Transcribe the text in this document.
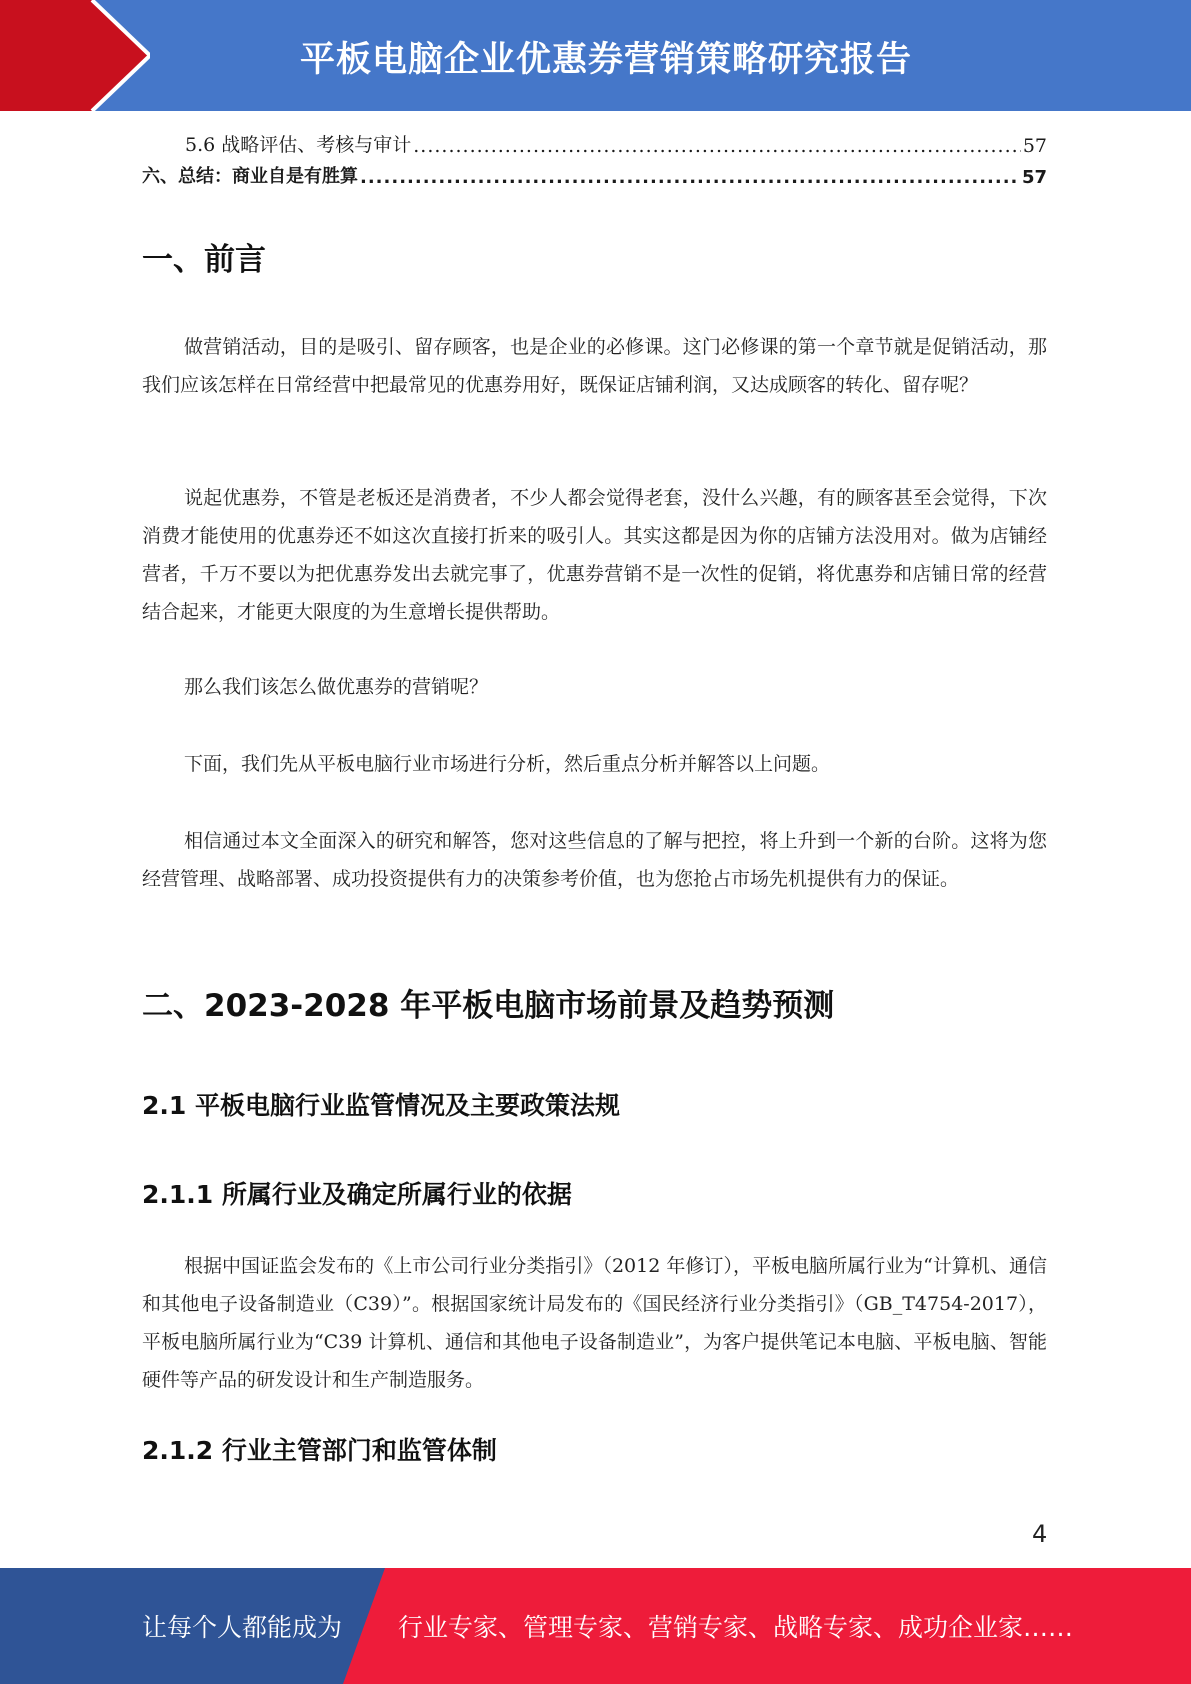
平板电脑企业优惠券营销策略研究报告
5.6 战略评估、考核与审计 .....	57
六、总结：商业自是有胜算 .....	57
一、前言

做营销活动，目的是吸引、留存顾客，也是企业的必修课。这门必修课的第一个章节就是促销活动，那我们应该怎样在日常经营中把最常见的优惠券用好，既保证店铺利润，又达成顾客的转化、留存呢？

说起优惠券，不管是老板还是消费者，不少人都会觉得老套，没什么兴趣，有的顾客甚至会觉得，下次消费才能使用的优惠券还不如这次直接打折来的吸引人。其实这都是因为你的店铺方法没用对。做为店铺经营者，千万不要以为把优惠券发出去就完事了，优惠券营销不是一次性的促销，将优惠券和店铺日常的经营结合起来，才能更大限度的为生意增长提供帮助。

那么我们该怎么做优惠券的营销呢？

下面，我们先从平板电脑行业市场进行分析，然后重点分析并解答以上问题。

相信通过本文全面深入的研究和解答，您对这些信息的了解与把控，将上升到一个新的台阶。这将为您经营管理、战略部署、成功投资提供有力的决策参考价值，也为您抢占市场先机提供有力的保证。

二、2023-2028 年平板电脑市场前景及趋势预测
2.1 平板电脑行业监管情况及主要政策法规
2.1.1 所属行业及确定所属行业的依据

根据中国证监会发布的《上市公司行业分类指引》（2012 年修订），平板电脑所属行业为“计算机、通信和其他电子设备制造业（C39）”。根据国家统计局发布的《国民经济行业分类指引》（GB_T4754-2017），平板电脑所属行业为“C39 计算机、通信和其他电子设备制造业”，为客户提供笔记本电脑、平板电脑、智能硬件等产品的研发设计和生产制造服务。

2.1.2 行业主管部门和监管体制
4
让每个人都能成为 行业专家、管理专家、营销专家、战略专家、成功企业家……
